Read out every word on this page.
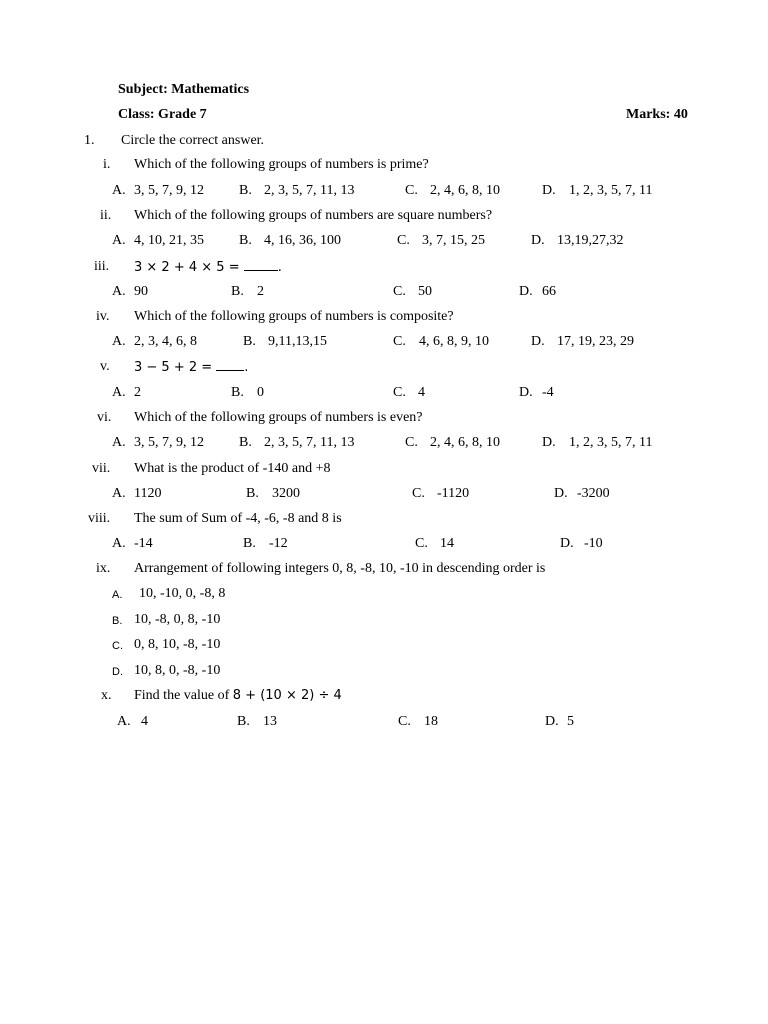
Subject: Mathematics
Class: Grade 7	Marks: 40
1. Circle the correct answer.
i. Which of the following groups of numbers is prime?
A. 3, 5, 7, 9, 12	B. 2, 3, 5, 7, 11, 13	C. 2, 4, 6, 8, 10	D. 1, 2, 3, 5, 7, 11
ii. Which of the following groups of numbers are square numbers?
A. 4, 10, 21, 35	B. 4, 16, 36, 100	C. 3, 7, 15, 25	D. 13,19,27,32
iii. 3 × 2 + 4 × 5 =	.
A. 90	B. 2	C. 50	D. 66
iv. Which of the following groups of numbers is composite?
A. 2, 3, 4, 6, 8	B. 9,11,13,15	C. 4, 6, 8, 9, 10	D. 17, 19, 23, 29
v. 3 − 5 + 2 = .
A. 2	B. 0	C. 4	D. -4
vi. Which of the following groups of numbers is even?
A. 3, 5, 7, 9, 12	B. 2, 3, 5, 7, 11, 13	C. 2, 4, 6, 8, 10	D. 1, 2, 3, 5, 7, 11
vii. What is the product of -140 and +8
A. 1120	B. 3200	C. -1120	D. -3200
viii. The sum of Sum of -4, -6, -8 and 8 is
A. -14	B. -12	C. 14	D. -10
ix. Arrangement of following integers 0, 8, -8, 10, -10 in descending order is
A. 10, -10, 0, -8, 8
B. 10, -8, 0, 8, -10
C. 0, 8, 10, -8, -10
D. 10, 8, 0, -8, -10
x. Find the value of 8 + (10 × 2) ÷ 4
A. 4	B. 13	C. 18	D. 5
